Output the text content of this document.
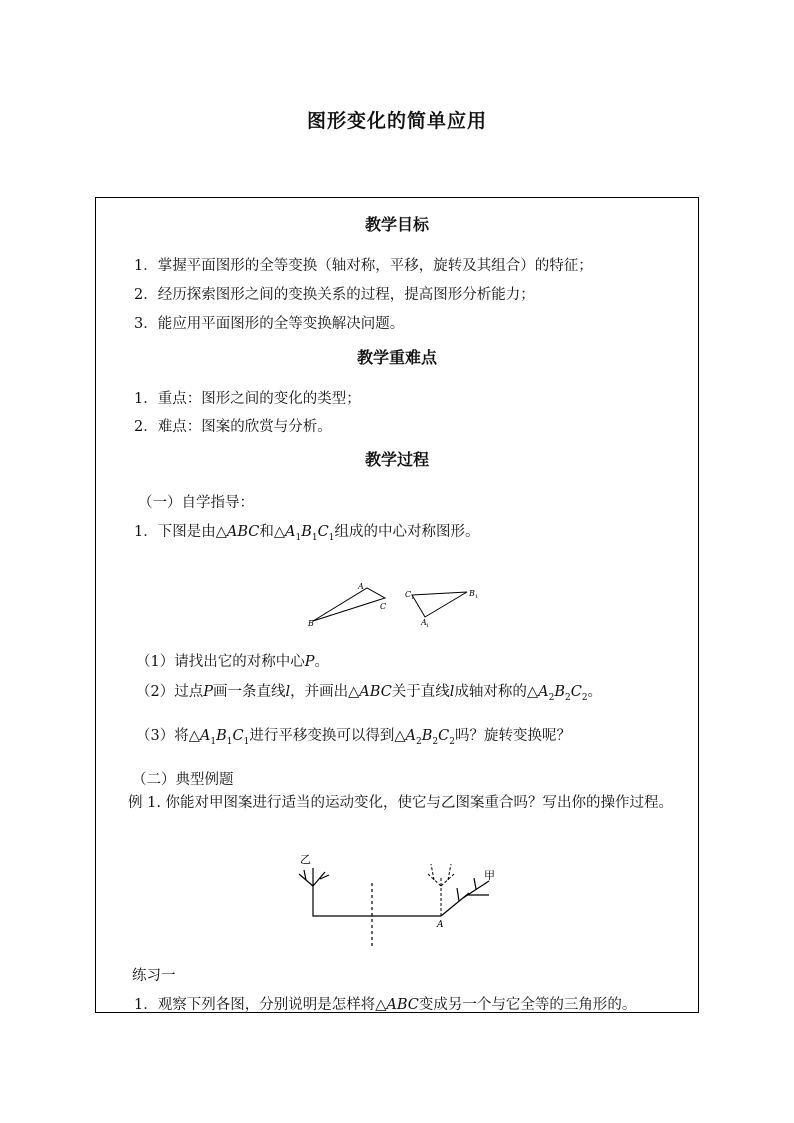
图形变化的简单应用
教学目标
1．掌握平面图形的全等变换（轴对称，平移，旋转及其组合）的特征；
2．经历探索图形之间的变换关系的过程，提高图形分析能力；
3．能应用平面图形的全等变换解决问题。
教学重难点
1．重点：图形之间的变化的类型；
2．难点：图案的欣赏与分析。
教学过程
（一）自学指导：
1．下图是由△ABC和$\triangle A_1B_1C_1$组成的中心对称图形。
A
B
C
C 1	B 1
A 1
（1）请找出它的对称中心P。
（2）过点P画一条直线l，并画出△ABC关于直线l成轴对称的$\triangle A_2B_2C_2$。
（3）将$\triangle A_1B_1C_1$进行平移变换可以得到$\triangle A_2B_2C_2$吗？旋转变换呢？
（二）典型例题
例 1. 你能对甲图案进行适当的运动变化，使它与乙图案重合吗？写出你的操作过程。
乙
甲
A
练习一
1．观察下列各图，分别说明是怎样将△ABC变成另一个与它全等的三角形的。
